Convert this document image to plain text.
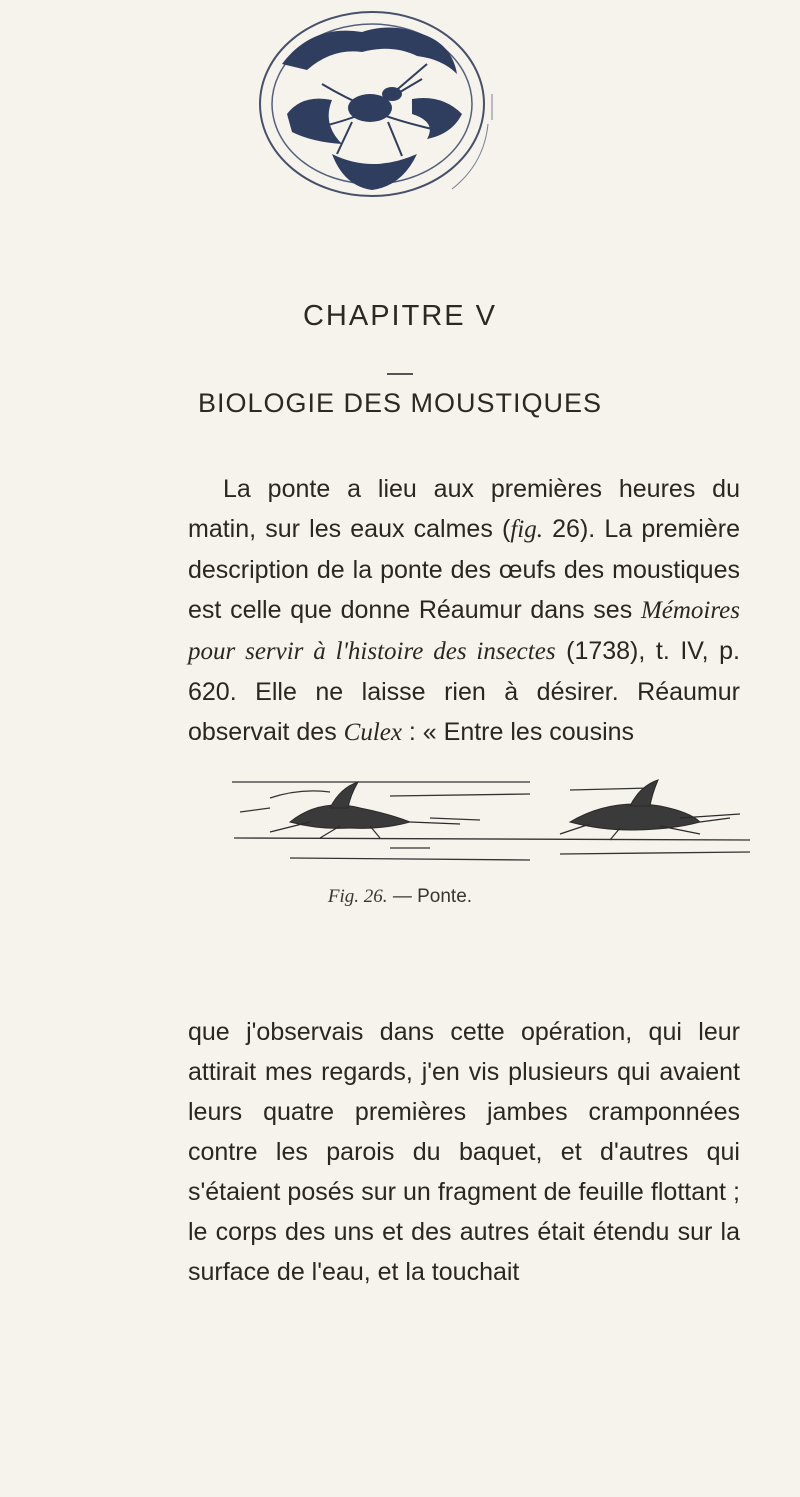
CHAPITRE V
BIOLOGIE DES MOUSTIQUES

La ponte a lieu aux premières heures du matin, sur les eaux calmes (fig. 26). La première description de la ponte des œufs des moustiques est celle que donne Réaumur dans ses Mémoires pour servir à l'histoire des insectes (1738), t. IV, p. 620. Elle ne laisse rien à désirer. Réaumur observait des Culex : « Entre les cousins

Fig. 26. — Ponte.

que j'observais dans cette opération, qui leur attirait mes regards, j'en vis plusieurs qui avaient leurs quatre premières jambes cramponnées contre les parois du baquet, et d'autres qui s'étaient posés sur un fragment de feuille flottant ; le corps des uns et des autres était étendu sur la surface de l'eau, et la touchait
